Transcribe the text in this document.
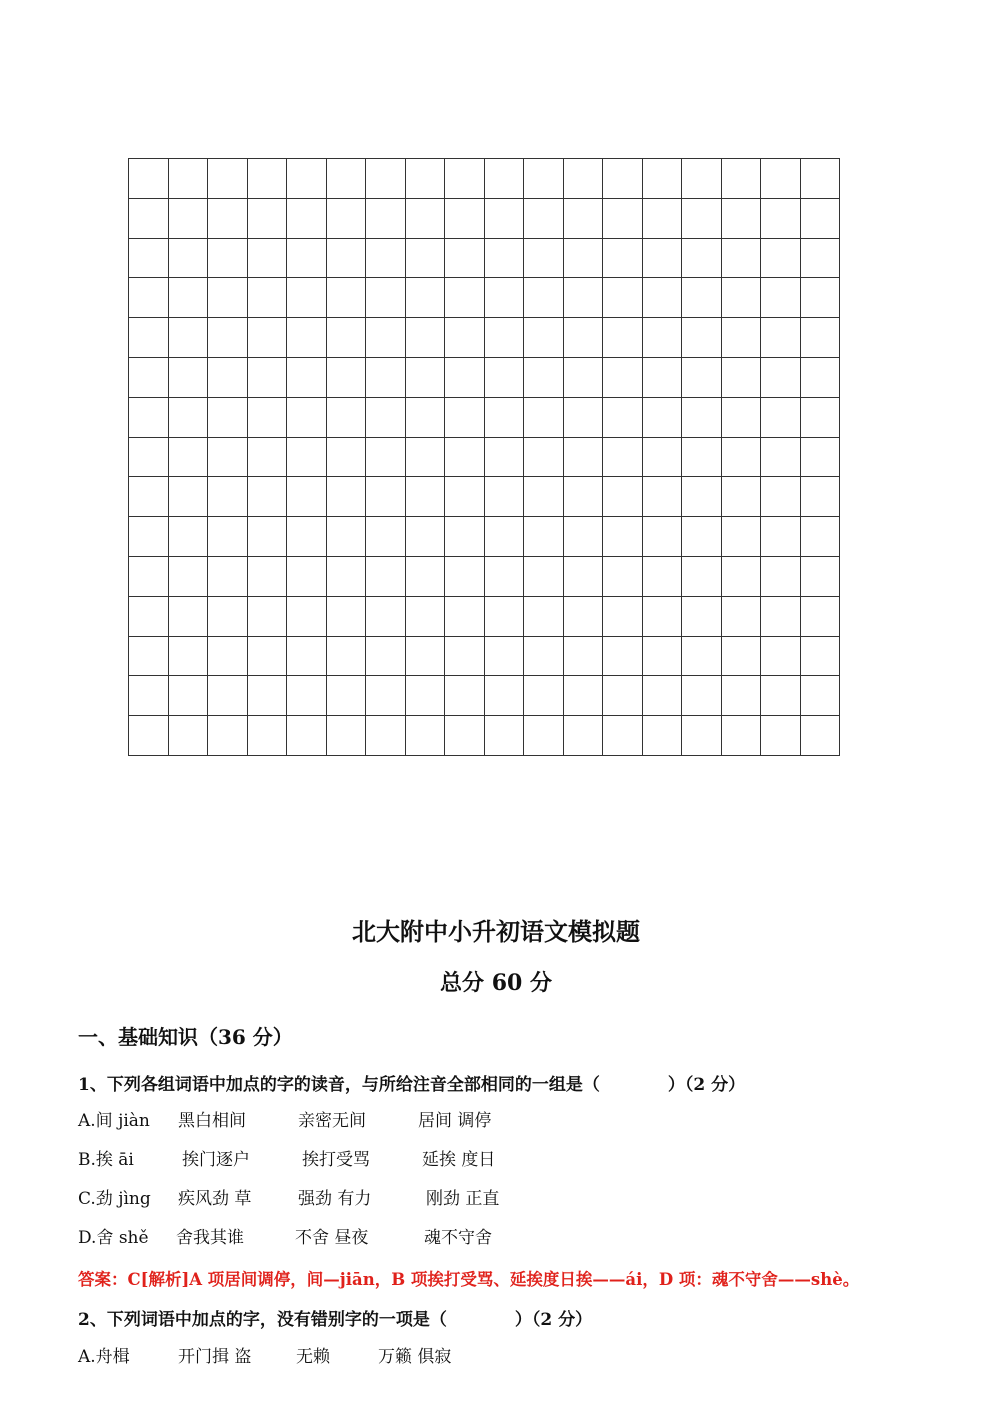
北大附中小升初语文模拟题
总分 60 分
一、基础知识（36 分）
1、下列各组词语中加点的字的读音，与所给注音全部相同的一组是（　　　　）（2 分）
A.间 jiàn 黑白相间	亲密无间	居间 调停
B.挨 āi	挨门逐户	挨打受骂	延挨 度日
C.劲 jìng 疾风劲 草	强劲 有力	刚劲 正直
D.舍 shě 舍我其谁	不舍 昼夜	魂不守舍
答案：C[解析]A 项居间调停，间—jiān，B 项挨打受骂、延挨度日挨——ái，D 项：魂不守舍——shè。
2、下列词语中加点的字，没有错别字的一项是（　　　　）（2 分）
A.舟楫	开门揖 盗	无赖	万籁 俱寂
